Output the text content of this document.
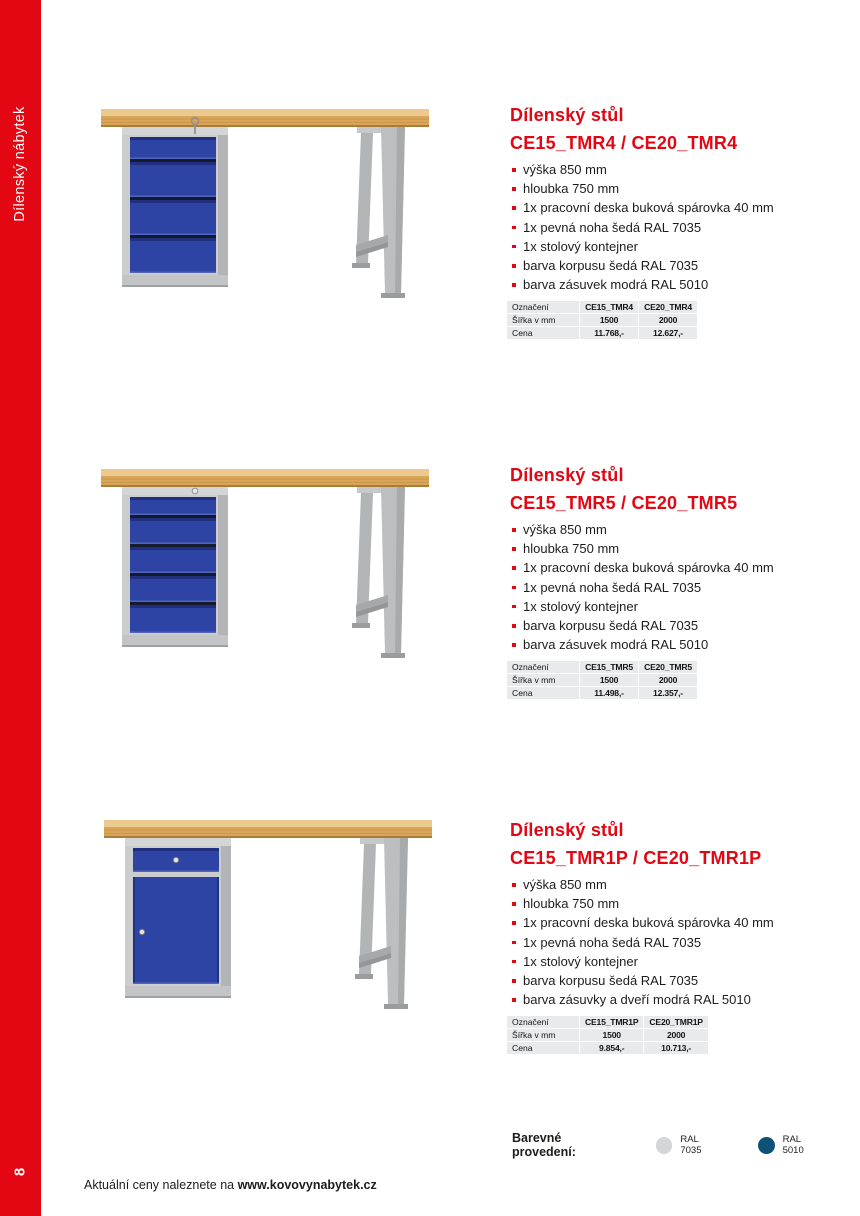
Dílenský nábytek
8
Dílenský stůl
CE15_TMR4 / CE20_TMR4
výška 850 mm
hloubka 750 mm
1x pracovní deska buková spárovka 40 mm
1x pevná noha šedá RAL 7035
1x stolový kontejner
barva korpusu šedá RAL 7035
barva zásuvek modrá RAL 5010
Označení	CE15_TMR4	CE20_TMR4
Šířka v mm	1500	2000
Cena	11.768,-	12.627,-
Dílenský stůl
CE15_TMR5 / CE20_TMR5
výška 850 mm
hloubka 750 mm
1x pracovní deska buková spárovka 40 mm
1x pevná noha šedá RAL 7035
1x stolový kontejner
barva korpusu šedá RAL 7035
barva zásuvek modrá RAL 5010
Označení	CE15_TMR5	CE20_TMR5
Šířka v mm	1500	2000
Cena	11.498,-	12.357,-
Dílenský stůl
CE15_TMR1P / CE20_TMR1P
výška 850 mm
hloubka 750 mm
1x pracovní deska buková spárovka 40 mm
1x pevná noha šedá RAL 7035
1x stolový kontejner
barva korpusu šedá RAL 7035
barva zásuvky a dveří modrá RAL 5010
Označení	CE15_TMR1P	CE20_TMR1P
Šířka v mm	1500	2000
Cena	9.854,-	10.713,-
Barevné provedení:
RAL 7035
RAL 5010
Aktuální ceny naleznete na www.kovovynabytek.cz
